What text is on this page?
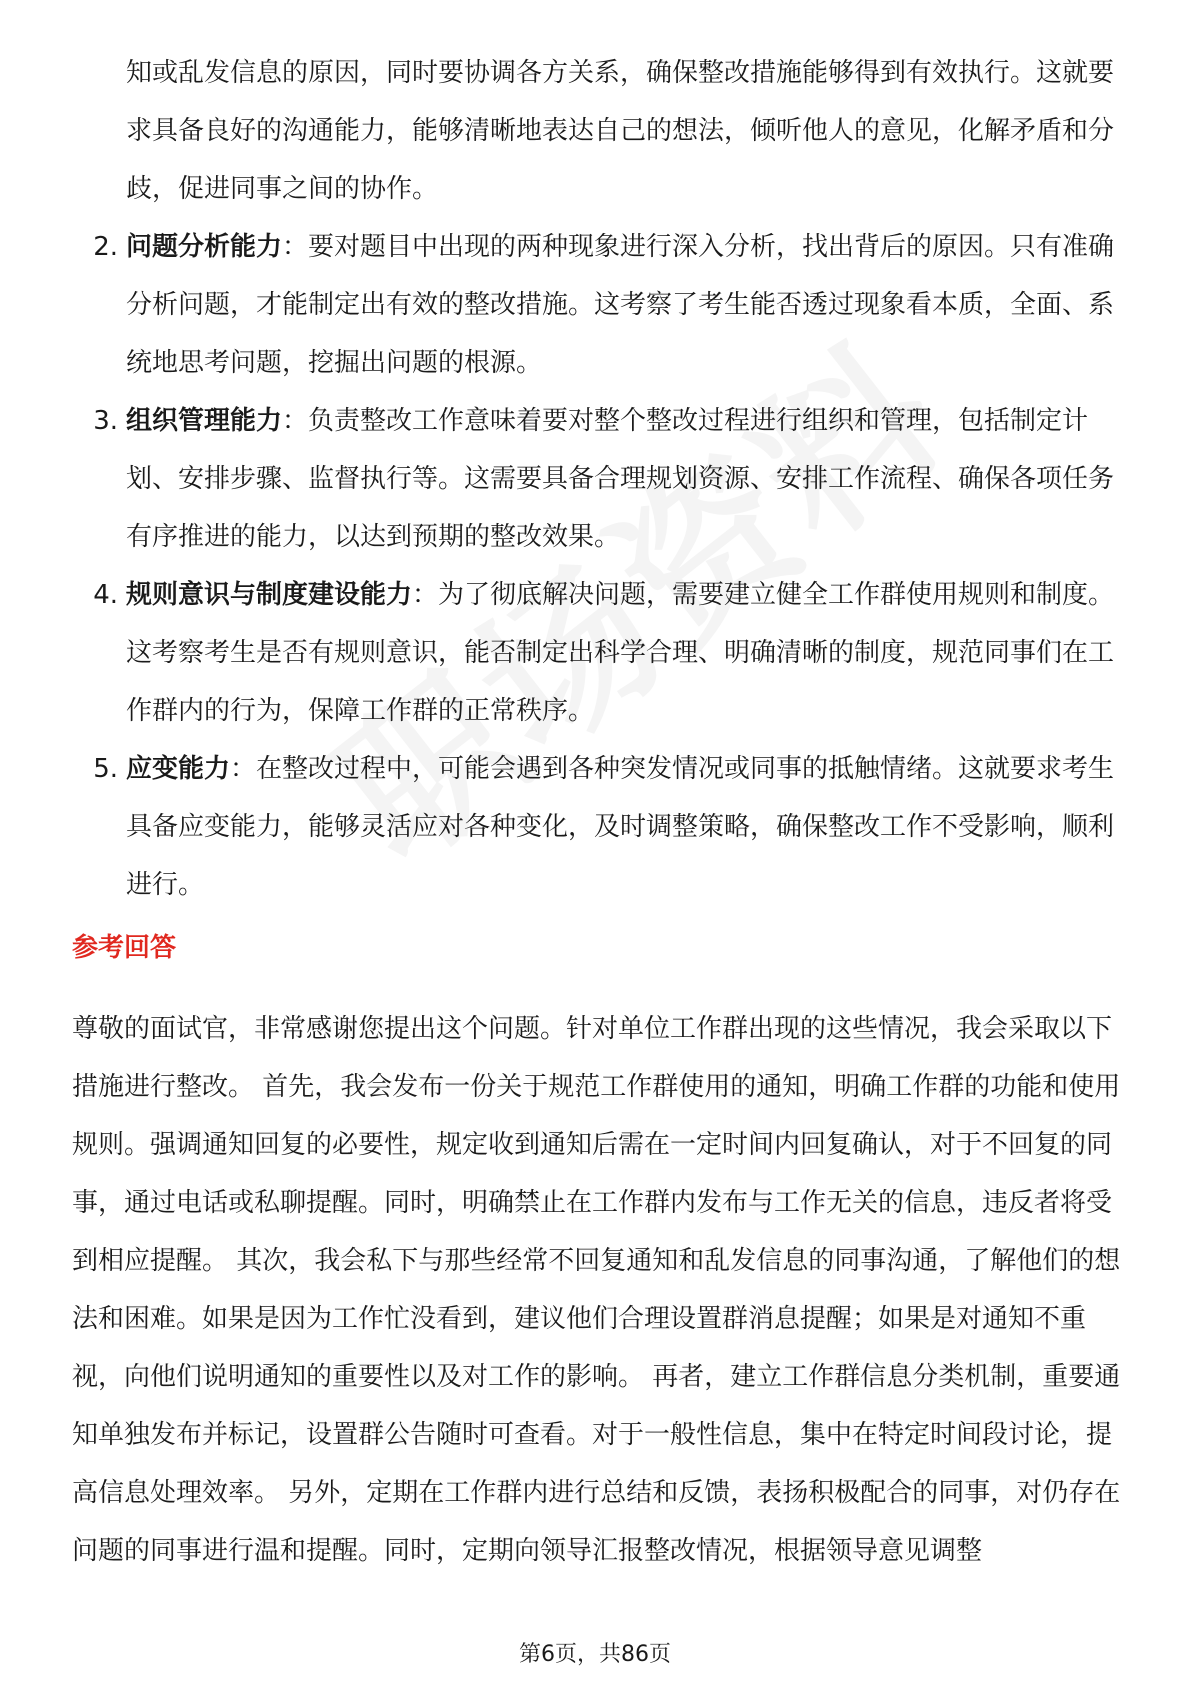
知或乱发信息的原因，同时要协调各方关系，确保整改措施能够得到有效执行。这就要求具备良好的沟通能力，能够清晰地表达自己的想法，倾听他人的意见，化解矛盾和分歧，促进同事之间的协作。

2. 问题分析能力：要对题目中出现的两种现象进行深入分析，找出背后的原因。只有准确分析问题，才能制定出有效的整改措施。这考察了考生能否透过现象看本质，全面、系统地思考问题，挖掘出问题的根源。
3. 组织管理能力：负责整改工作意味着要对整个整改过程进行组织和管理，包括制定计划、安排步骤、监督执行等。这需要具备合理规划资源、安排工作流程、确保各项任务有序推进的能力，以达到预期的整改效果。
4. 规则意识与制度建设能力：为了彻底解决问题，需要建立健全工作群使用规则和制度。这考察考生是否有规则意识，能否制定出科学合理、明确清晰的制度，规范同事们在工作群内的行为，保障工作群的正常秩序。
5. 应变能力：在整改过程中，可能会遇到各种突发情况或同事的抵触情绪。这就要求考生具备应变能力，能够灵活应对各种变化，及时调整策略，确保整改工作不受影响，顺利进行。
参考回答

尊敬的面试官，非常感谢您提出这个问题。针对单位工作群出现的这些情况，我会采取以下措施进行整改。 首先，我会发布一份关于规范工作群使用的通知，明确工作群的功能和使用规则。强调通知回复的必要性，规定收到通知后需在一定时间内回复确认，对于不回复的同事，通过电话或私聊提醒。同时，明确禁止在工作群内发布与工作无关的信息，违反者将受到相应提醒。 其次，我会私下与那些经常不回复通知和乱发信息的同事沟通，了解他们的想法和困难。如果是因为工作忙没看到，建议他们合理设置群消息提醒；如果是对通知不重视，向他们说明通知的重要性以及对工作的影响。 再者，建立工作群信息分类机制，重要通知单独发布并标记，设置群公告随时可查看。对于一般性信息，集中在特定时间段讨论，提高信息处理效率。 另外，定期在工作群内进行总结和反馈，表扬积极配合的同事，对仍存在问题的同事进行温和提醒。同时，定期向领导汇报整改情况，根据领导意见调整

第6页，共86页
